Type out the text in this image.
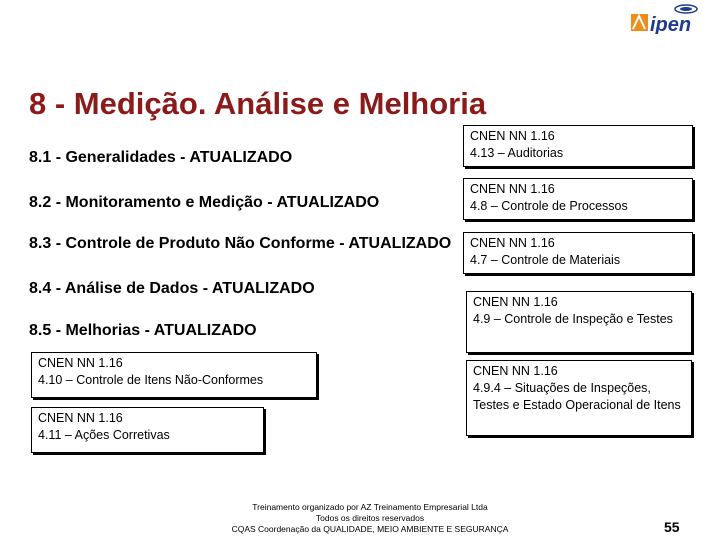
ipen
8 - Medição. Análise e Melhoria
8.1 - Generalidades - ATUALIZADO
8.2 - Monitoramento e Medição - ATUALIZADO
8.3 - Controle de Produto Não Conforme - ATUALIZADO
8.4 - Análise de Dados - ATUALIZADO
8.5 - Melhorias - ATUALIZADO
CNEN NN 1.16
4.13 – Auditorias
CNEN NN 1.16
4.8 – Controle de Processos
CNEN NN 1.16
4.7 – Controle de Materiais
CNEN NN 1.16
4.9 – Controle de Inspeção e Testes
CNEN NN 1.16
4.9.4 – Situações de Inspeções, Testes e Estado Operacional de Itens
CNEN NN 1.16
4.10 – Controle de Itens Não-Conformes
CNEN NN 1.16
4.11 – Ações Corretivas
Treinamento organizado por AZ Treinamento Empresarial Ltda
Todos os direitos reservados
CQAS Coordenação da QUALIDADE, MEIO AMBIENTE E SEGURANÇA	55
